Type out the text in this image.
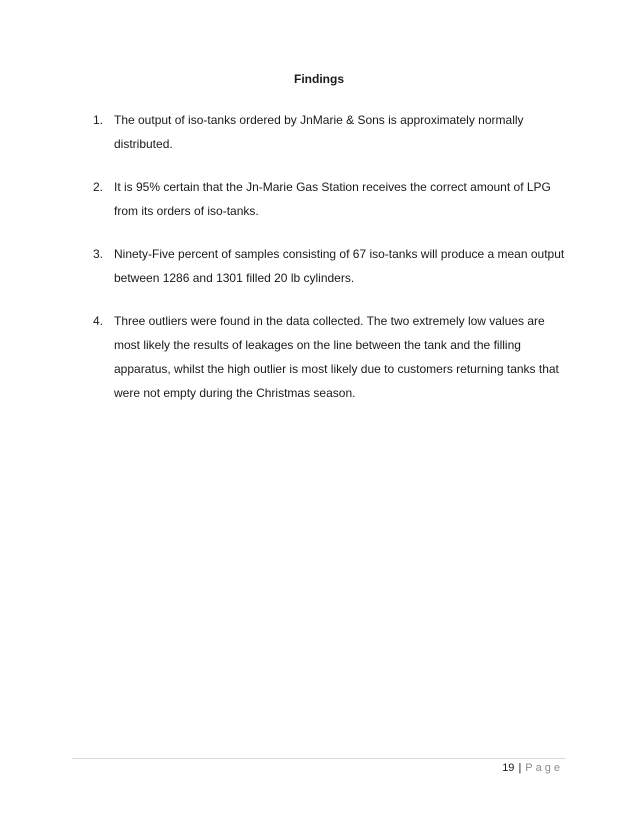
Findings
1. The output of iso-tanks ordered by JnMarie & Sons is approximately normally distributed.
2. It is 95% certain that the Jn-Marie Gas Station receives the correct amount of LPG from its orders of iso-tanks.
3. Ninety-Five percent of samples consisting of 67 iso-tanks will produce a mean output between 1286 and 1301 filled 20 lb cylinders.
4. Three outliers were found in the data collected. The two extremely low values are most likely the results of leakages on the line between the tank and the filling apparatus, whilst the high outlier is most likely due to customers returning tanks that were not empty during the Christmas season.
19 | Page
